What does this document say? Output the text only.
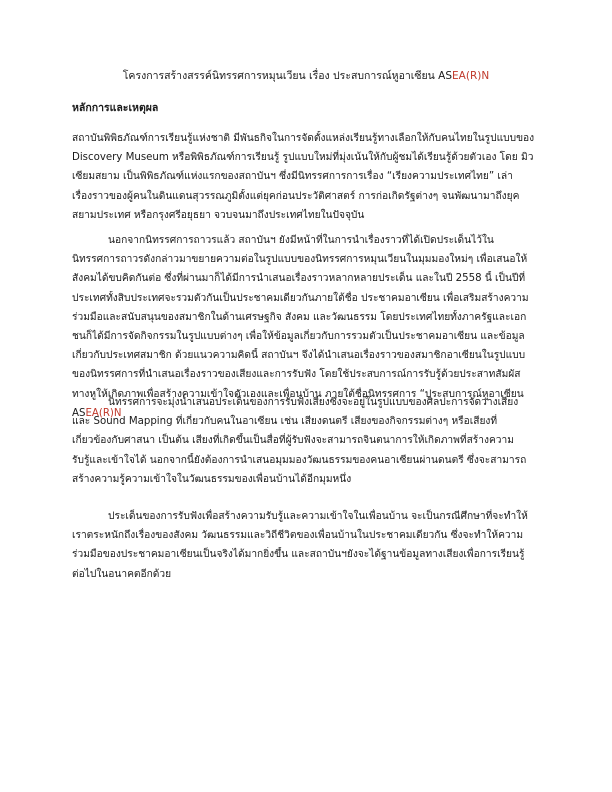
โครงการสร้างสรรค์นิทรรศการหมุนเวียน เรื่อง ประสบการณ์หูอาเซียน ASEA(R)N
หลักการและเหตุผล
สถาบันพิพิธภัณฑ์การเรียนรู้แห่งชาติ มีพันธกิจในการจัดตั้งแหล่งเรียนรู้ทางเลือกให้กับคนไทยในรูปแบบของ
Discovery Museum หรือพิพิธภัณฑ์การเรียนรู้ รูปแบบใหม่ที่มุ่งเน้นให้กับผู้ชมได้เรียนรู้ด้วยตัวเอง โดย มิว
เซียมสยาม เป็นพิพิธภัณฑ์แห่งแรกของสถาบันฯ ซึ่งมีนิทรรศการการเรื่อง “เรียงความประเทศไทย” เล่า
เรื่องราวของผู้คนในดินแดนสุวรรณภูมิตั้งแต่ยุคก่อนประวัติศาสตร์ การก่อเกิดรัฐต่างๆ จนพัฒนามาถึงยุค
สยามประเทศ หรือกรุงศรีอยุธยา จวบจนมาถึงประเทศไทยในปัจจุบัน
นอกจากนิทรรศการถาวรแล้ว สถาบันฯ ยังมีหน้าที่ในการนำเรื่องราวที่ได้เปิดประเด็นไว้ใน
นิทรรศการถาวรดังกล่าวมาขยายความต่อในรูปแบบของนิทรรศการหมุนเวียนในมุมมองใหม่ๆ เพื่อเสนอให้
สังคมได้ขบคิดกันต่อ ซึ่งที่ผ่านมาก็ได้มีการนำเสนอเรื่องราวหลากหลายประเด็น และในปี 2558 นี้ เป็นปีที่
ประเทศทั้งสิบประเทศจะรวมตัวกันเป็นประชาคมเดียวกันภายใต้ชื่อ ประชาคมอาเซียน เพื่อเสริมสร้างความ
ร่วมมือและสนับสนุนของสมาชิกในด้านเศรษฐกิจ สังคม และวัฒนธรรม โดยประเทศไทยทั้งภาครัฐและเอก
ชนก็ได้มีการจัดกิจกรรมในรูปแบบต่างๆ เพื่อให้ข้อมูลเกี่ยวกับการรวมตัวเป็นประชาคมอาเซียน และข้อมูล
เกี่ยวกับประเทศสมาชิก ด้วยแนวความคิดนี้ สถาบันฯ จึงได้นำเสนอเรื่องราวของสมาชิกอาเซียนในรูปแบบ
ของนิทรรศการที่นำเสนอเรื่องราวของเสียงและการรับฟัง โดยใช้ประสบการณ์การรับรู้ด้วยประสาทสัมผัส
ทางหูให้เกิดภาพเพื่อสร้างความเข้าใจตัวเองและเพื่อนบ้าน ภายใต้ชื่อนิทรรศการ “ประสบการณ์หูอาเซียน
ASEA(R)N
นิทรรศการจะมุ่งนำเสนอประเด็นของการรับฟังเสียงซึ่งจะอยู่ในรูปแบบของศิลปะการจัดวางเสียง
และ Sound Mapping ที่เกี่ยวกับคนในอาเซียน เช่น เสียงดนตรี เสียงของกิจกรรมต่างๆ หรือเสียงที่
เกี่ยวข้องกับศาสนา เป็นต้น เสียงที่เกิดขึ้นเป็นสื่อที่ผู้รับฟังจะสามารถจินตนาการให้เกิดภาพที่สร้างความ
รับรู้และเข้าใจได้ นอกจากนี้ยังต้องการนำเสนอมุมมองวัฒนธรรมของคนอาเซียนผ่านดนตรี ซึ่งจะสามารถ
สร้างความรู้ความเข้าใจในวัฒนธรรมของเพื่อนบ้านได้อีกมุมหนึ่ง
ประเด็นของการรับฟังเพื่อสร้างความรับรู้และความเข้าใจในเพื่อนบ้าน จะเป็นกรณีศึกษาที่จะทำให้
เราตระหนักถึงเรื่องของสังคม วัฒนธรรมและวิถีชีวิตของเพื่อนบ้านในประชาคมเดียวกัน ซึ่งจะทำให้ความ
ร่วมมือของประชาคมอาเซียนเป็นจริงได้มากยิ่งขึ้น และสถาบันฯยังจะได้ฐานข้อมูลทางเสียงเพื่อการเรียนรู้
ต่อไปในอนาคตอีกด้วย
